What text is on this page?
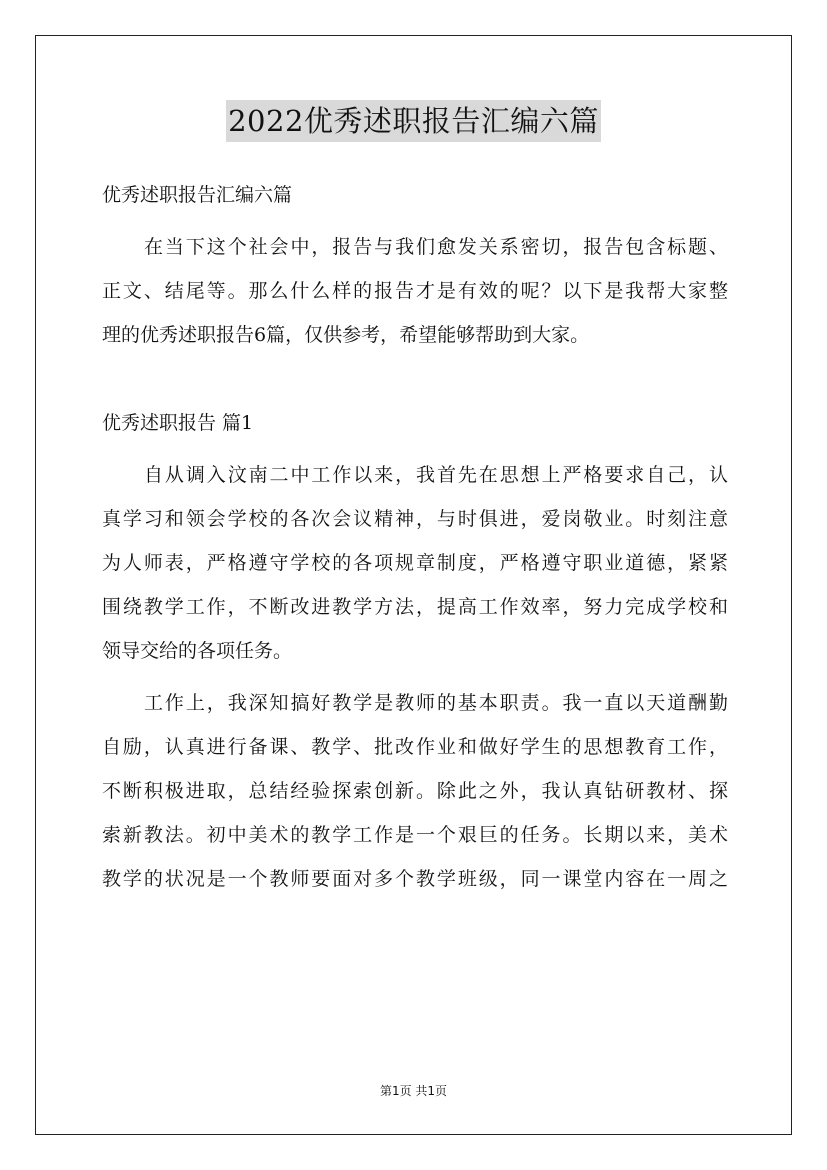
2022优秀述职报告汇编六篇

优秀述职报告汇编六篇

在当下这个社会中，报告与我们愈发关系密切，报告包含标题、

正文、结尾等。那么什么样的报告才是有效的呢？以下是我帮大家整

理的优秀述职报告6篇，仅供参考，希望能够帮助到大家。

优秀述职报告 篇1

自从调入汶南二中工作以来，我首先在思想上严格要求自己，认

真学习和领会学校的各次会议精神，与时俱进，爱岗敬业。时刻注意

为人师表，严格遵守学校的各项规章制度，严格遵守职业道德，紧紧

围绕教学工作，不断改进教学方法，提高工作效率，努力完成学校和

领导交给的各项任务。

工作上，我深知搞好教学是教师的基本职责。我一直以天道酬勤

自励，认真进行备课、教学、批改作业和做好学生的思想教育工作，

不断积极进取，总结经验探索创新。除此之外，我认真钻研教材、探

索新教法。初中美术的教学工作是一个艰巨的任务。长期以来，美术

教学的状况是一个教师要面对多个教学班级，同一课堂内容在一周之

第1页 共1页
